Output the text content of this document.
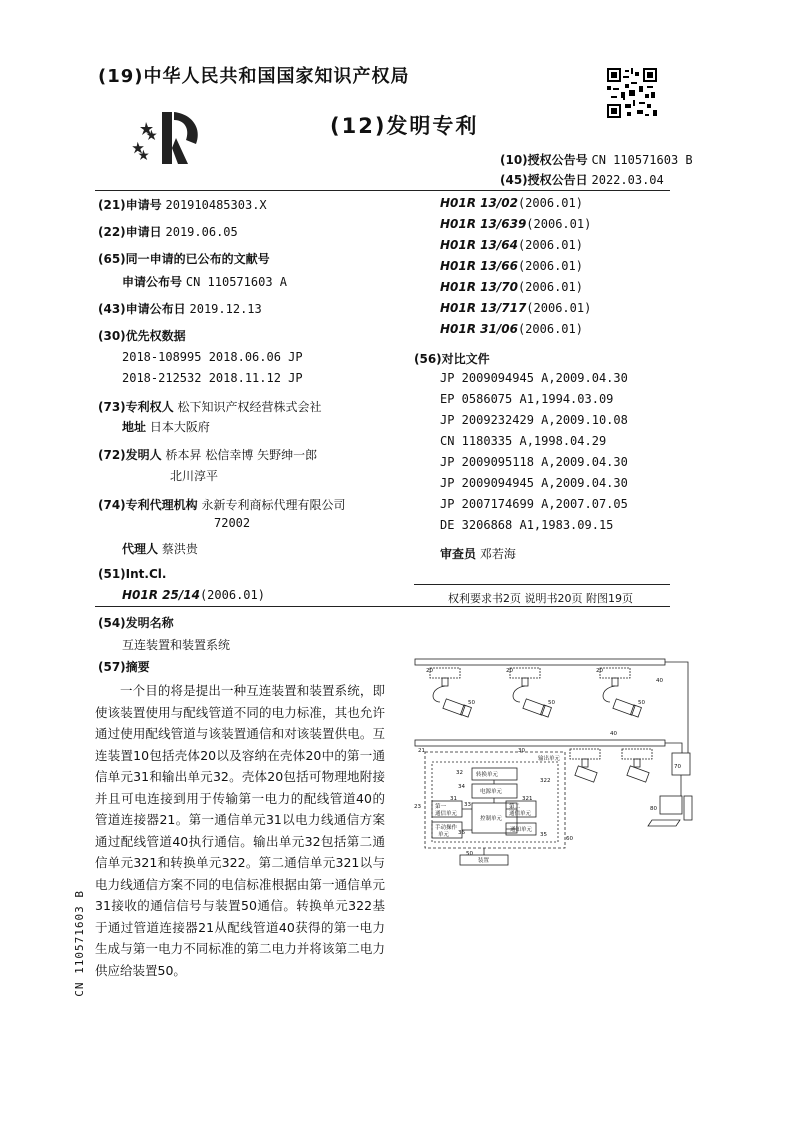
(19)中华人民共和国国家知识产权局
(12)发明专利
(10)授权公告号 CN 110571603 B
(45)授权公告日 2022.03.04
(21)申请号 201910485303.X
(22)申请日 2019.06.05
(65)同一申请的已公布的文献号
申请公布号 CN 110571603 A
(43)申请公布日 2019.12.13
(30)优先权数据
2018-108995 2018.06.06 JP
2018-212532 2018.11.12 JP
(73)专利权人 松下知识产权经营株式会社
地址 日本大阪府
(72)发明人 桥本昇 松信幸博 矢野绅一郎
北川淳平
(74)专利代理机构 永新专利商标代理有限公司
72002
代理人 蔡洪贵
(51)Int.Cl.
H01R 25/14(2006.01)
H01R 13/02(2006.01)
H01R 13/639(2006.01)
H01R 13/64(2006.01)
H01R 13/66(2006.01)
H01R 13/70(2006.01)
H01R 13/717(2006.01)
H01R 31/06(2006.01)
(56)对比文件
JP 2009094945 A,2009.04.30
EP 0586075 A1,1994.03.09
JP 2009232429 A,2009.10.08
CN 1180335 A,1998.04.29
JP 2009095118 A,2009.04.30
JP 2009094945 A,2009.04.30
JP 2007174699 A,2007.07.05
DE 3206868 A1,1983.09.15
审查员 邓若海
权利要求书2页 说明书20页 附图19页
(54)发明名称
互连装置和装置系统
(57)摘要

一个目的将是提出一种互连装置和装置系统，即使该装置使用与配线管道不同的电力标准，其也允许通过使用配线管道与该装置通信和对该装置供电。互连装置10包括壳体20以及容纳在壳体20中的第一通信单元31和输出单元32。壳体20包括可物理地附接并且可电连接到用于传输第一电力的配线管道40的管道连接器21。第一通信单元31以电力线通信方案通过配线管道40执行通信。输出单元32包括第二通信单元321和转换单元322。第二通信单元321以与电力线通信方案不同的电信标准根据由第一通信单元31接收的通信信号与装置50通信。转换单元322基于通过管道连接器21从配线管道40获得的第一电力生成与第一电力不同标准的第二电力并将该第二电力供应给装置50。

CN 110571603 B
转换单元
输出单元
电源单元
第一
通信单元
第二
通信单元
控制单元
手动操作
单元
通知单元
装置
21	30
40
20	20	20
40
70
80
50	50	50
23
32
322
31
34
321
36	35
60
50
33
